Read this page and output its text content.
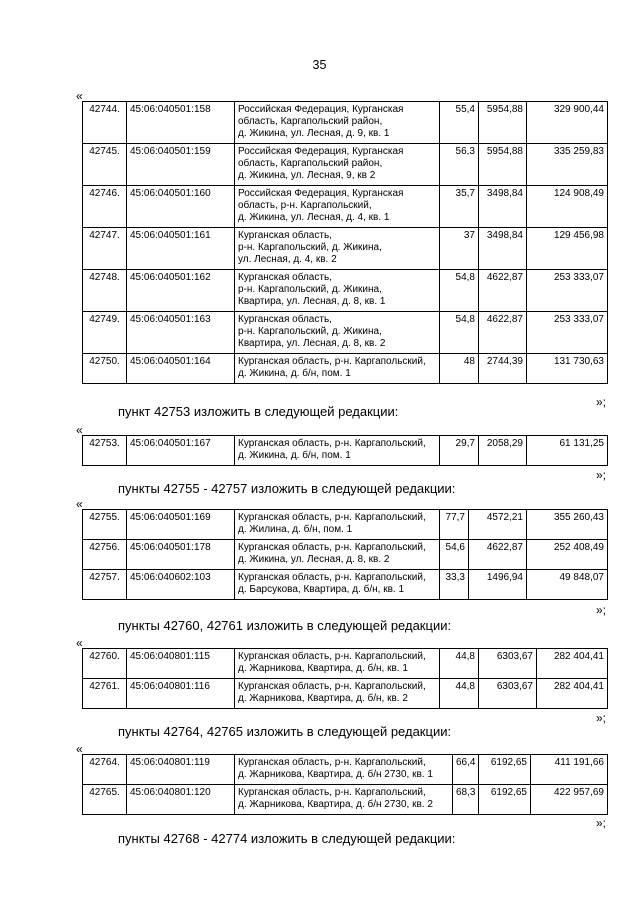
35
«
42744.	45:06:040501:158	Российская Федерация, Курганская
область, Каргапольский район,
д. Жикина, ул. Лесная, д. 9, кв. 1	55,4	5954,88	329 900,44
42745.	45:06:040501:159	Российская Федерация, Курганская
область, Каргапольский район,
д. Жикина, ул. Лесная, 9, кв 2	56,3	5954,88	335 259,83
42746.	45:06:040501:160	Российская Федерация, Курганская
область, р-н. Каргапольский,
д. Жикина, ул. Лесная, д. 4, кв. 1	35,7	3498,84	124 908,49
42747.	45:06:040501:161	Курганская область,
р-н. Каргапольский, д. Жикина,
ул. Лесная, д. 4, кв. 2	37	3498,84	129 456,98
42748.	45:06:040501:162	Курганская область,
р-н. Каргапольский, д. Жикина,
Квартира, ул. Лесная, д. 8, кв. 1	54,8	4622,87	253 333,07
42749.	45:06:040501:163	Курганская область,
р-н. Каргапольский, д. Жикина,
Квартира, ул. Лесная, д. 8, кв. 2	54,8	4622,87	253 333,07
42750.	45:06:040501:164	Курганская область, р-н. Каргапольский,
д. Жикина, д. б/н, пом. 1	48	2744,39	131 730,63
»;
пункт 42753 изложить в следующей редакции:
«
42753.	45:06:040501:167	Курганская область, р-н. Каргапольский,
д. Жикина, д. б/н, пом. 1
	29,7	2058,29	61 131,25
»;
пункты 42755 - 42757 изложить в следующей редакции:
«
42755.	45:06:040501:169	Курганская область, р-н. Каргапольский,
д. Жилина, д. б/н, пом. 1	77,7	4572,21	355 260,43
42756.	45:06:040501:178	Курганская область, р-н. Каргапольский,
д. Жикина, ул. Лесная, д. 8, кв. 2	54,6	4622,87	252 408,49
42757.	45:06:040602:103	Курганская область, р-н. Каргапольский,
д. Барсукова, Квартира, д. б/н, кв. 1	33,3	1496,94	49 848,07
»;
пункты 42760, 42761 изложить в следующей редакции:
«
42760.	45:06:040801:115	Курганская область, р-н. Каргапольский,
д. Жарникова, Квартира, д. б/н, кв. 1	44,8	6303,67	282 404,41
42761.	45:06:040801:116	Курганская область, р-н. Каргапольский,
д. Жарникова, Квартира, д. б/н, кв. 2	44,8	6303,67	282 404,41
»;
пункты 42764, 42765 изложить в следующей редакции:
«
42764.	45:06:040801:119	Курганская область, р-н. Каргапольский,
д. Жарникова, Квартира, д. б/н 2730, кв. 1	66,4	6192,65	411 191,66
42765.	45:06:040801:120	Курганская область, р-н. Каргапольский,
д. Жарникова, Квартира, д. б/н 2730, кв. 2	68,3	6192,65	422 957,69
»;
пункты 42768 - 42774 изложить в следующей редакции:
